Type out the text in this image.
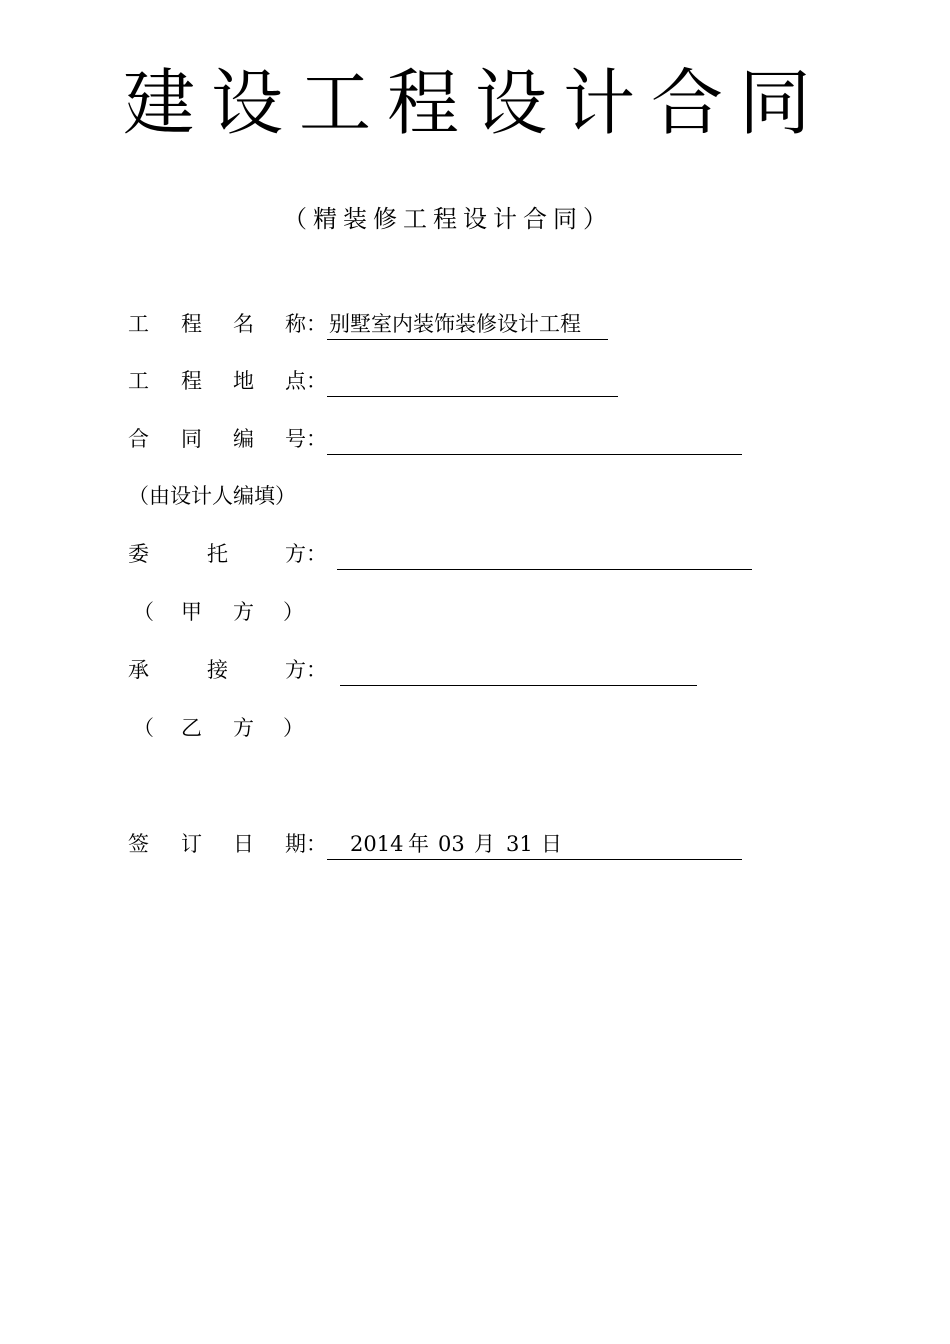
建设工程设计合同
（精装修工程设计合同）
工 程 名 称： 别墅室内装饰装修设计工程
工 程 地 点：
合 同 编 号：
（由设计人编填）
委	托	方：
（ 甲 方 ）
承	接	方：
（ 乙 方 ）
签 订 日 期： 2014 年 03 月 31 日
